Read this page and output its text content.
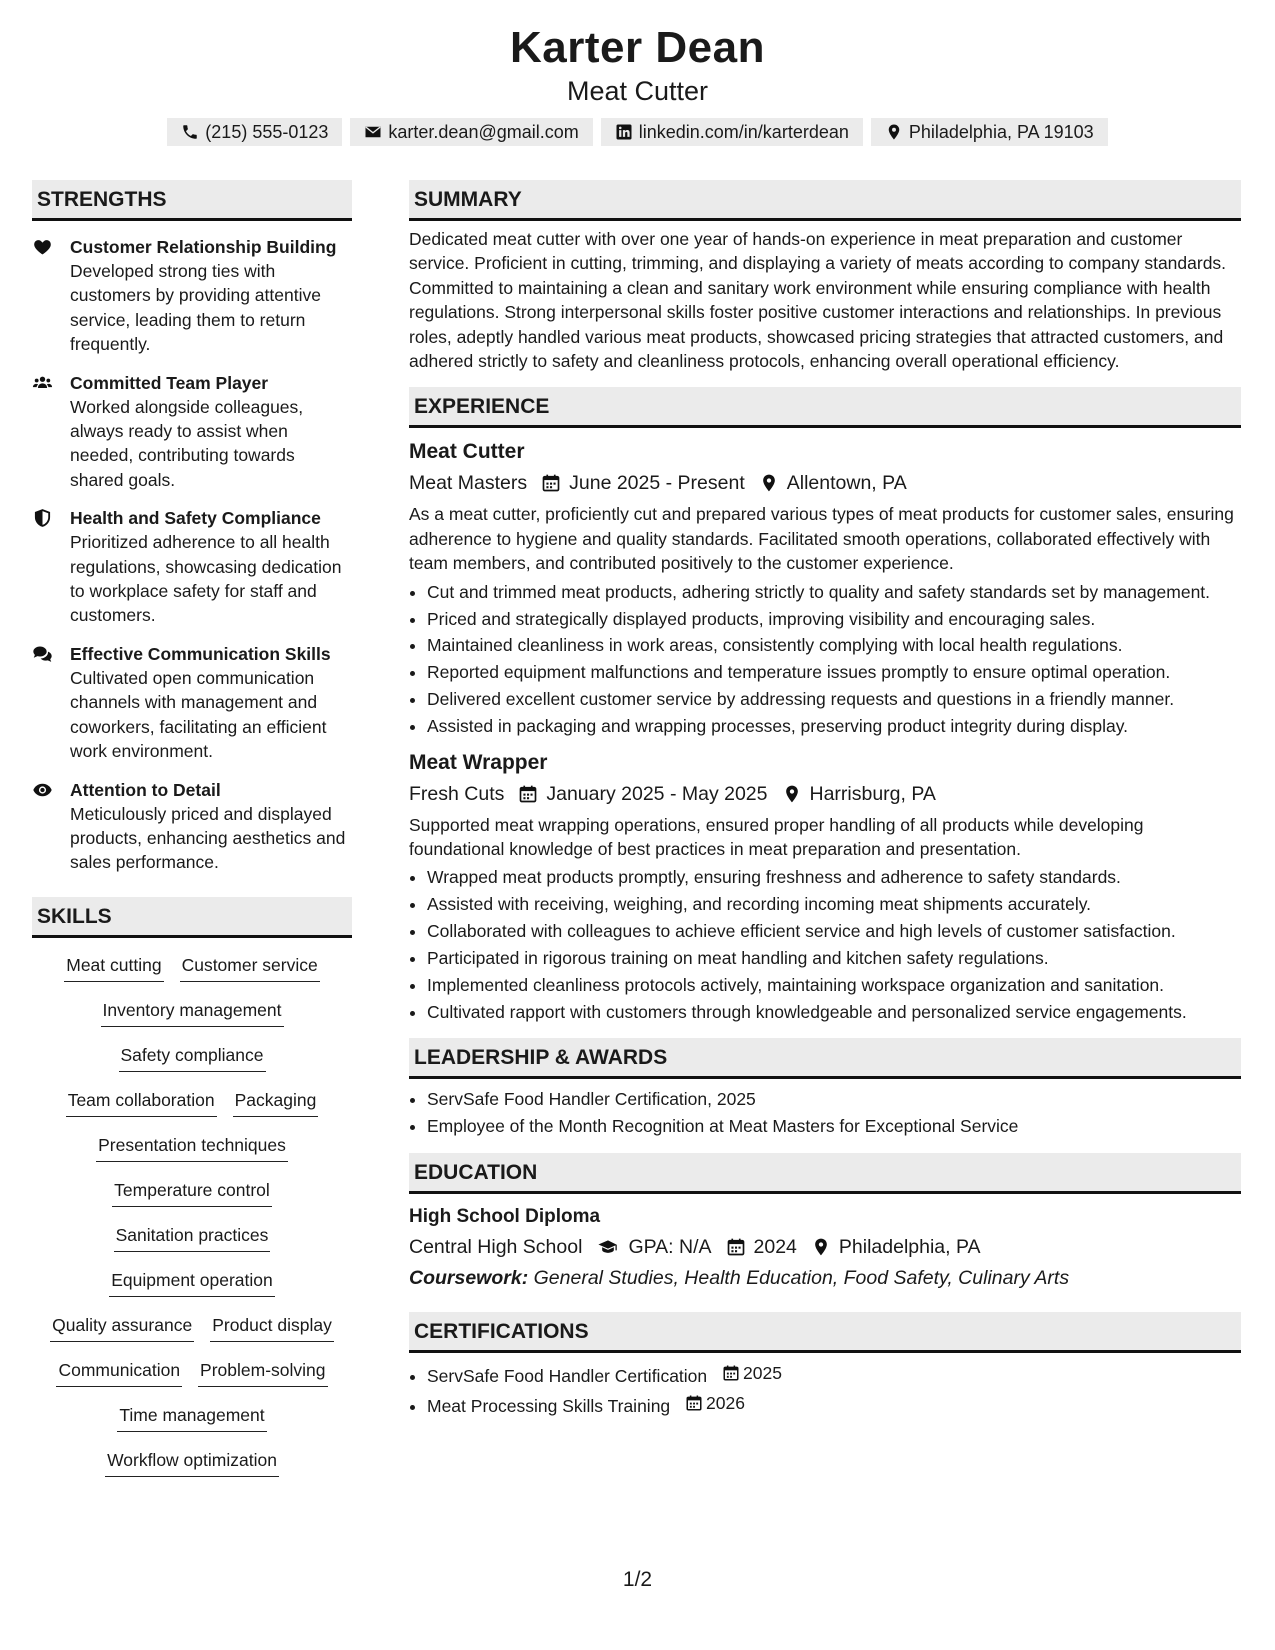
Karter Dean
Meat Cutter
(215) 555-0123	karter.dean@gmail.com	linkedin.com/in/karterdean	Philadelphia, PA 19103
STRENGTHS
Customer Relationship Building
Developed strong ties with customers by providing attentive service, leading them to return frequently.
Committed Team Player
Worked alongside colleagues, always ready to assist when needed, contributing towards shared goals.
Health and Safety Compliance
Prioritized adherence to all health regulations, showcasing dedication to workplace safety for staff and customers.
Effective Communication Skills
Cultivated open communication channels with management and coworkers, facilitating an efficient work environment.
Attention to Detail
Meticulously priced and displayed products, enhancing aesthetics and sales performance.
SKILLS
Meat cutting Customer service
Inventory management
Safety compliance
Team collaboration Packaging
Presentation techniques
Temperature control
Sanitation practices
Equipment operation
Quality assurance Product display
Communication Problem-solving
Time management
Workflow optimization
SUMMARY
Dedicated meat cutter with over one year of hands-on experience in meat preparation and customer service. Proficient in cutting, trimming, and displaying a variety of meats according to company standards. Committed to maintaining a clean and sanitary work environment while ensuring compliance with health regulations. Strong interpersonal skills foster positive customer interactions and relationships. In previous roles, adeptly handled various meat products, showcased pricing strategies that attracted customers, and adhered strictly to safety and cleanliness protocols, enhancing overall operational efficiency.
EXPERIENCE
Meat Cutter
Meat Masters June 2025 - Present Allentown, PA
As a meat cutter, proficiently cut and prepared various types of meat products for customer sales, ensuring adherence to hygiene and quality standards. Facilitated smooth operations, collaborated effectively with team members, and contributed positively to the customer experience.
• Cut and trimmed meat products, adhering strictly to quality and safety standards set by management.
• Priced and strategically displayed products, improving visibility and encouraging sales.
• Maintained cleanliness in work areas, consistently complying with local health regulations.
• Reported equipment malfunctions and temperature issues promptly to ensure optimal operation.
• Delivered excellent customer service by addressing requests and questions in a friendly manner.
• Assisted in packaging and wrapping processes, preserving product integrity during display.
Meat Wrapper
Fresh Cuts January 2025 - May 2025 Harrisburg, PA
Supported meat wrapping operations, ensured proper handling of all products while developing foundational knowledge of best practices in meat preparation and presentation.
• Wrapped meat products promptly, ensuring freshness and adherence to safety standards.
• Assisted with receiving, weighing, and recording incoming meat shipments accurately.
• Collaborated with colleagues to achieve efficient service and high levels of customer satisfaction.
• Participated in rigorous training on meat handling and kitchen safety regulations.
• Implemented cleanliness protocols actively, maintaining workspace organization and sanitation.
• Cultivated rapport with customers through knowledgeable and personalized service engagements.
LEADERSHIP & AWARDS
• ServSafe Food Handler Certification, 2025
• Employee of the Month Recognition at Meat Masters for Exceptional Service
EDUCATION
High School Diploma
Central High School GPA: N/A 2024 Philadelphia, PA
Coursework: General Studies, Health Education, Food Safety, Culinary Arts
CERTIFICATIONS
• ServSafe Food Handler Certification 2025
• Meat Processing Skills Training 2026
1/2
